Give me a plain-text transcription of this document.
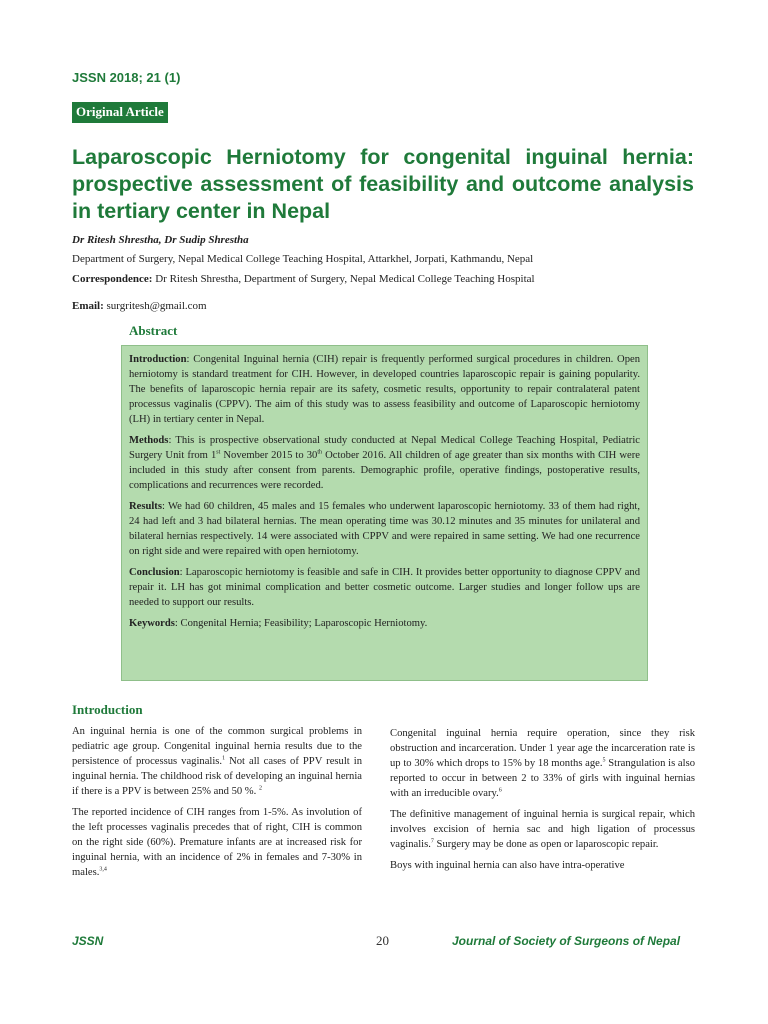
JSSN 2018; 21 (1)
Original Article
Laparoscopic Herniotomy for congenital inguinal hernia: prospective assessment of feasibility and outcome analysis in tertiary center in Nepal
Dr Ritesh Shrestha, Dr Sudip Shrestha
Department of Surgery, Nepal Medical College Teaching Hospital, Attarkhel, Jorpati, Kathmandu, Nepal
Correspondence: Dr Ritesh Shrestha, Department of Surgery, Nepal Medical College Teaching Hospital
Email: surgritesh@gmail.com
Abstract

Introduction: Congenital Inguinal hernia (CIH) repair is frequently performed surgical procedures in children. Open herniotomy is standard treatment for CIH. However, in developed countries laparoscopic repair is gaining popularity. The benefits of laparoscopic hernia repair are its safety, cosmetic results, opportunity to repair contralateral patent processus vaginalis (CPPV). The aim of this study was to assess feasibility and outcome of Laparoscopic herniotomy (LH) in tertiary center in Nepal.

Methods: This is prospective observational study conducted at Nepal Medical College Teaching Hospital, Pediatric Surgery Unit from 1st November 2015 to 30th October 2016. All children of age greater than six months with CIH were included in this study after consent from parents. Demographic profile, operative findings, postoperative results, complications and recurrences were recorded.

Results: We had 60 children, 45 males and 15 females who underwent laparoscopic herniotomy. 33 of them had right, 24 had left and 3 had bilateral hernias. The mean operating time was 30.12 minutes and 35 minutes for unilateral and bilateral hernias respectively. 14 were associated with CPPV and were repaired in same setting. We had one recurrence on right side and were repaired with open herniotomy.

Conclusion: Laparoscopic herniotomy is feasible and safe in CIH. It provides better opportunity to diagnose CPPV and repair it. LH has got minimal complication and better cosmetic outcome. Larger studies and longer follow ups are needed to support our results.

Keywords: Congenital Hernia; Feasibility; Laparoscopic Herniotomy.

Introduction

An inguinal hernia is one of the common surgical problems in pediatric age group. Congenital inguinal hernia results due to the persistence of processus vaginalis.$^1$ Not all cases of PPV result in inguinal hernia. The childhood risk of developing an inguinal hernia if there is a PPV is between 25% and 50 %. $^2$

The reported incidence of CIH ranges from 1-5%. As involution of the left processes vaginalis precedes that of right, CIH is common on the right side (60%). Premature infants are at increased risk for inguinal hernia, with an incidence of 2% in females and 7-30% in males.$^{3,4}$

Congenital inguinal hernia require operation, since they risk obstruction and incarceration. Under 1 year age the incarceration rate is up to 30% which drops to 15% by 18 months age.$^5$ Strangulation is also reported to occur in between 2 to 33% of girls with inguinal hernias with an irreducible ovary.$^6$

The definitive management of inguinal hernia is surgical repair, which involves excision of hernia sac and high ligation of processus vaginalis.$^7$ Surgery may be done as open or laparoscopic repair.

Boys with inguinal hernia can also have intra-operative

JSSN	20	Journal of Society of Surgeons of Nepal
